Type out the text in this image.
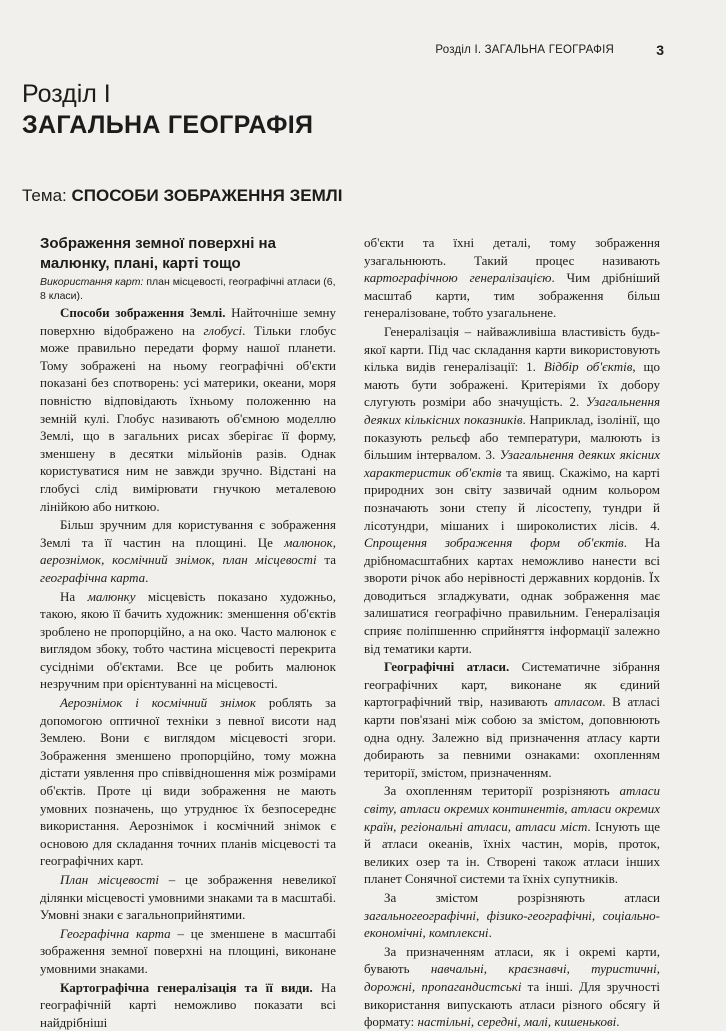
Розділ І. ЗАГАЛЬНА ГЕОГРАФІЯ	3
Розділ І
ЗАГАЛЬНА ГЕОГРАФІЯ
Тема: СПОСОБИ ЗОБРАЖЕННЯ ЗЕМЛІ

Зображення земної поверхні на малюнку, плані, карті тощо

Використання карт: план місцевості, географічні атласи (6, 8 класи).

Способи зображення Землі. Найточніше земну поверхню відображено на глобусі. Тільки глобус може правильно передати форму нашої планети. Тому зображені на ньому географічні об'єкти показані без спотворень: усі материки, океани, моря повністю відповідають їхньому положенню на земній кулі. Глобус називають об'ємною моделлю Землі, що в загальних рисах зберігає її форму, зменшену в десятки мільйонів разів. Однак користуватися ним не завжди зручно. Відстані на глобусі слід вимірювати гнучкою металевою лінійкою або ниткою.

Більш зручним для користування є зображення Землі та її частин на площині. Це малюнок, аерознімок, космічний знімок, план місцевості та географічна карта.

На малюнку місцевість показано художньо, такою, якою її бачить художник: зменшення об'єктів зроблено не пропорційно, а на око. Часто малюнок є виглядом збоку, тобто частина місцевості перекрита сусідніми об'єктами. Все це робить малюнок незручним при орієнтуванні на місцевості.

Аерознімок і космічний знімок роблять за допомогою оптичної техніки з певної висоти над Землею. Вони є виглядом місцевості згори. Зображення зменшено пропорційно, тому можна дістати уявлення про співвідношення між розмірами об'єктів. Проте ці види зображення не мають умовних позначень, що утруднює їх безпосереднє використання. Аерознімок і космічний знімок є основою для складання точних планів місцевості та географічних карт.

План місцевості – це зображення невеликої ділянки місцевості умовними знаками та в масштабі. Умовні знаки є загальноприйнятими.

Географічна карта – це зменшене в масштабі зображення земної поверхні на площині, виконане умовними знаками.

Картографічна генералізація та її види. На географічній карті неможливо показати всі найдрібніші

об'єкти та їхні деталі, тому зображення узагальнюють. Такий процес називають картографічною генералізацією. Чим дрібніший масштаб карти, тим зображення більш генералізоване, тобто узагальнене.

Генералізація – найважливіша властивість будь-якої карти. Під час складання карти використовують кілька видів генералізації: 1. Відбір об'єктів, що мають бути зображені. Критеріями їх добору слугують розміри або значущість. 2. Узагальнення деяких кількісних показників. Наприклад, ізолінії, що показують рельєф або температури, малюють із більшим інтервалом. 3. Узагальнення деяких якісних характеристик об'єктів та явищ. Скажімо, на карті природних зон світу зазвичай одним кольором позначають зони степу й лісостепу, тундри й лісотундри, мішаних і широколистих лісів. 4. Спрощення зображення форм об'єктів. На дрібномасштабних картах неможливо нанести всі звороти річок або нерівності державних кордонів. Їх доводиться згладжувати, однак зображення має залишатися географічно правильним. Генералізація сприяє поліпшенню сприйняття інформації залежно від тематики карти.

Географічні атласи. Систематичне зібрання географічних карт, виконане як єдиний картографічний твір, називають атласом. В атласі карти пов'язані між собою за змістом, доповнюють одна одну. Залежно від призначення атласу карти добирають за певними ознаками: охопленням території, змістом, призначенням.

За охопленням території розрізняють атласи світу, атласи окремих континентів, атласи окремих країн, регіональні атласи, атласи міст. Існують ще й атласи океанів, їхніх частин, морів, проток, великих озер та ін. Створені також атласи інших планет Сонячної системи та їхніх супутників.

За змістом розрізняють атласи загальногеографічні, фізико-географічні, соціально-економічні, комплексні.

За призначенням атласи, як і окремі карти, бувають навчальні, краєзнавчі, туристичні, дорожні, пропагандистські та інші. Для зручності використання випускають атласи різного обсягу й формату: настільні, середні, малі, кишенькові.
